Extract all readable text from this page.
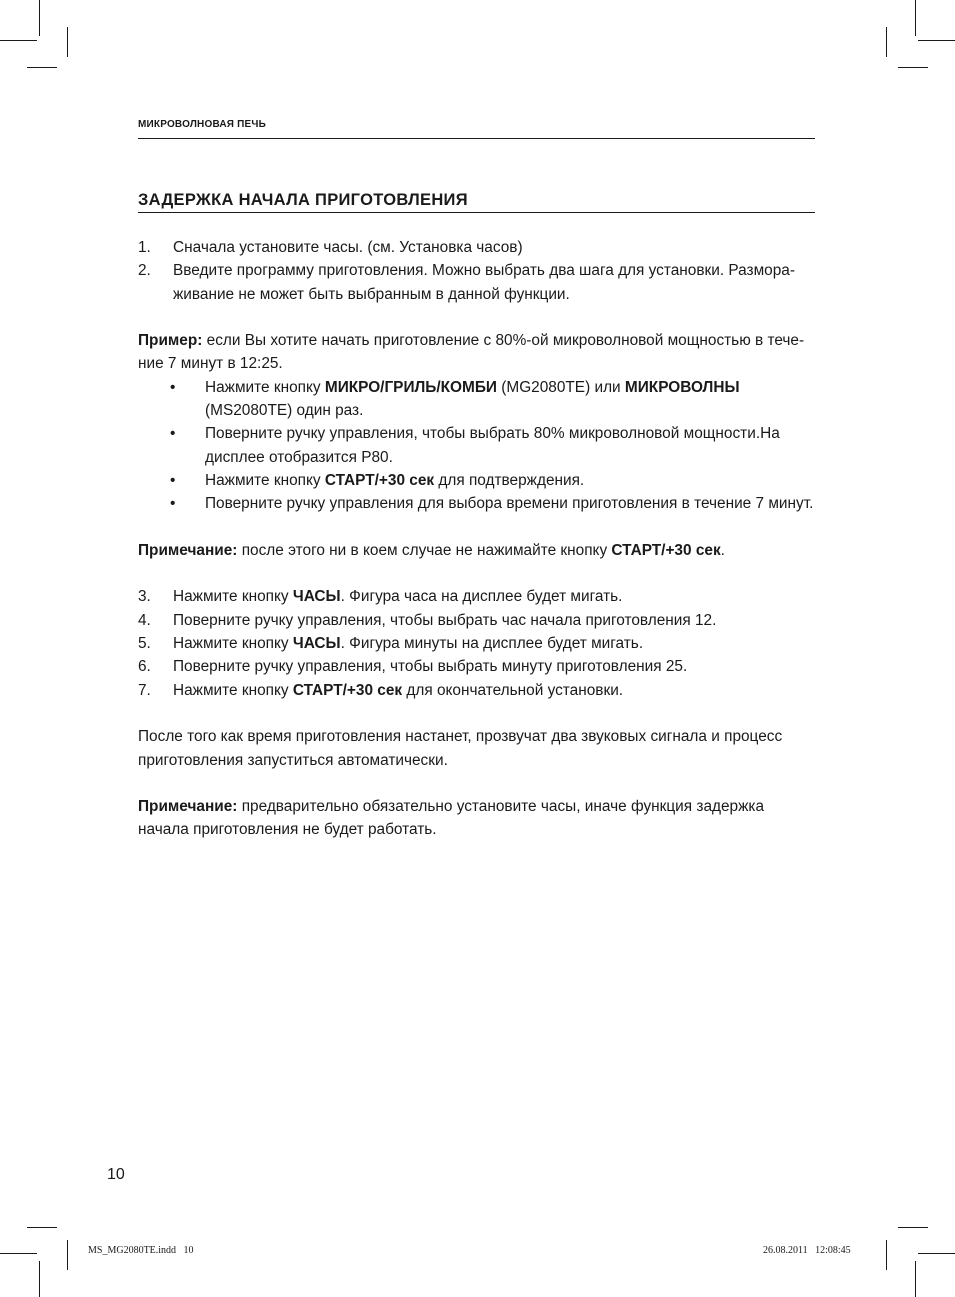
МИКРОВОЛНОВАЯ ПЕЧЬ
ЗАДЕРЖКА НАЧАЛА ПРИГОТОВЛЕНИЯ
1. Сначала установите часы. (см. Установка часов)
2. Введите программу приготовления. Можно выбрать два шага для установки. Размора-живание не может быть выбранным в данной функции.

Пример: если Вы хотите начать приготовление с 80%-ой микроволновой мощностью в тече-ние 7 минут в 12:25.

• Нажмите кнопку МИКРО/ГРИЛЬ/КОМБИ (MG2080TE) или МИКРОВОЛНЫ
(MS2080TE) один раз.
• Поверните ручку управления, чтобы выбрать 80% микроволновой мощности.На дисплее отобразится Р80.
• Нажмите кнопку СТАРТ/+30 сек для подтверждения.
• Поверните ручку управления для выбора времени приготовления в течение 7 минут.

Примечание: после этого ни в коем случае не нажимайте кнопку СТАРТ/+30 сек.

3. Нажмите кнопку ЧАСЫ. Фигура часа на дисплее будет мигать.
4. Поверните ручку управления, чтобы выбрать час начала приготовления 12.
5. Нажмите кнопку ЧАСЫ. Фигура минуты на дисплее будет мигать.
6. Поверните ручку управления, чтобы выбрать минуту приготовления 25.
7. Нажмите кнопку СТАРТ/+30 сек для окончательной установки.

После того как время приготовления настанет, прозвучат два звуковых сигнала и процесс приготовления запуститься автоматически.

Примечание: предварительно обязательно установите часы, иначе функция задержка начала приготовления не будет работать.

10
MS_MG2080TE.indd   10	26.08.2011   12:08:45
